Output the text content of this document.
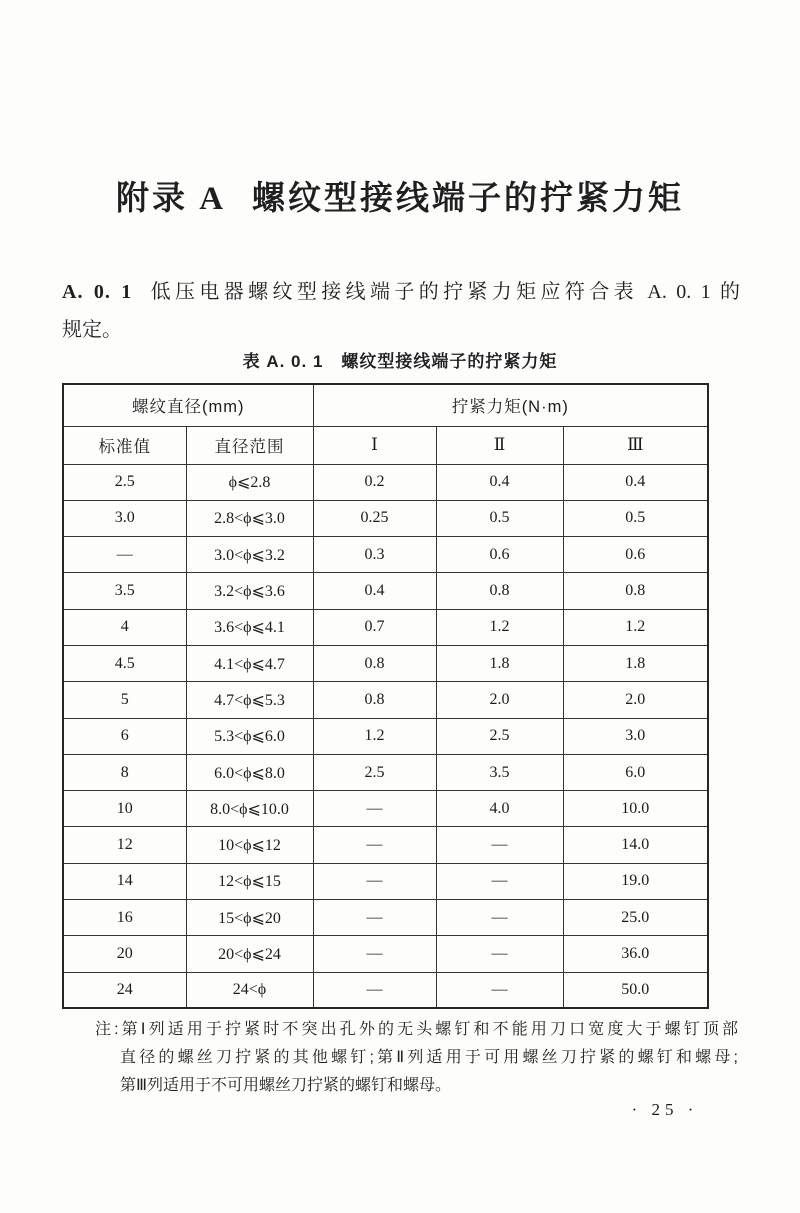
附录 A 螺纹型接线端子的拧紧力矩
A. 0. 1 低压电器螺纹型接线端子的拧紧力矩应符合表 A. 0. 1 的
规定。
表 A. 0. 1　螺纹型接线端子的拧紧力矩
螺纹直径(mm)		拧紧力矩(N·m)		
标准值	直径范围	Ⅰ	Ⅱ	Ⅲ
2.5	ϕ⩽2.8	0.2	0.4	0.4
3.0	2.8<ϕ⩽3.0	0.25	0.5	0.5
—	3.0<ϕ⩽3.2	0.3	0.6	0.6
3.5	3.2<ϕ⩽3.6	0.4	0.8	0.8
4	3.6<ϕ⩽4.1	0.7	1.2	1.2
4.5	4.1<ϕ⩽4.7	0.8	1.8	1.8
5	4.7<ϕ⩽5.3	0.8	2.0	2.0
6	5.3<ϕ⩽6.0	1.2	2.5	3.0
8	6.0<ϕ⩽8.0	2.5	3.5	6.0
10	8.0<ϕ⩽10.0	—	4.0	10.0
12	10<ϕ⩽12	—	—	14.0
14	12<ϕ⩽15	—	—	19.0
16	15<ϕ⩽20	—	—	25.0
20	20<ϕ⩽24	—	—	36.0
24	24<ϕ	—	—	50.0
注:第Ⅰ列适用于拧紧时不突出孔外的无头螺钉和不能用刀口宽度大于螺钉顶部
直径的螺丝刀拧紧的其他螺钉;第Ⅱ列适用于可用螺丝刀拧紧的螺钉和螺母;
第Ⅲ列适用于不可用螺丝刀拧紧的螺钉和螺母。
· 25 ·
